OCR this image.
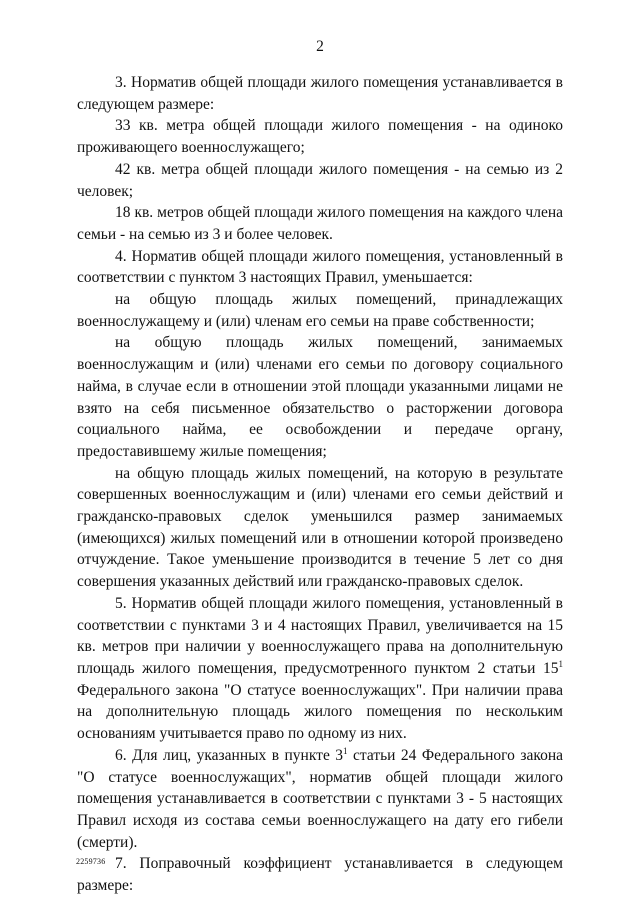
2

3. Норматив общей площади жилого помещения устанавливается в следующем размере:

33 кв. метра общей площади жилого помещения - на одиноко проживающего военнослужащего;

42 кв. метра общей площади жилого помещения - на семью из 2 человек;

18 кв. метров общей площади жилого помещения на каждого члена семьи - на семью из 3 и более человек.

4. Норматив общей площади жилого помещения, установленный в соответствии с пунктом 3 настоящих Правил, уменьшается:

на общую площадь жилых помещений, принадлежащих военнослужащему и (или) членам его семьи на праве собственности;

на общую площадь жилых помещений, занимаемых военнослужащим и (или) членами его семьи по договору социального найма, в случае если в отношении этой площади указанными лицами не взято на себя письменное обязательство о расторжении договора социального найма, ее освобождении и передаче органу, предоставившему жилые помещения;

на общую площадь жилых помещений, на которую в результате совершенных военнослужащим и (или) членами его семьи действий и гражданско-правовых сделок уменьшился размер занимаемых (имеющихся) жилых помещений или в отношении которой произведено отчуждение. Такое уменьшение производится в течение 5 лет со дня совершения указанных действий или гражданско-правовых сделок.

5. Норматив общей площади жилого помещения, установленный в соответствии с пунктами 3 и 4 настоящих Правил, увеличивается на 15 кв. метров при наличии у военнослужащего права на дополнительную площадь жилого помещения, предусмотренного пунктом 2 статьи $15^1$ Федерального закона "О статусе военнослужащих". При наличии права на дополнительную площадь жилого помещения по нескольким основаниям учитывается право по одному из них.

6. Для лиц, указанных в пункте $3^1$ статьи 24 Федерального закона "О статусе военнослужащих", норматив общей площади жилого помещения устанавливается в соответствии с пунктами 3 - 5 настоящих Правил исходя из состава семьи военнослужащего на дату его гибели (смерти).

7. Поправочный коэффициент устанавливается в следующем размере:

2259736
